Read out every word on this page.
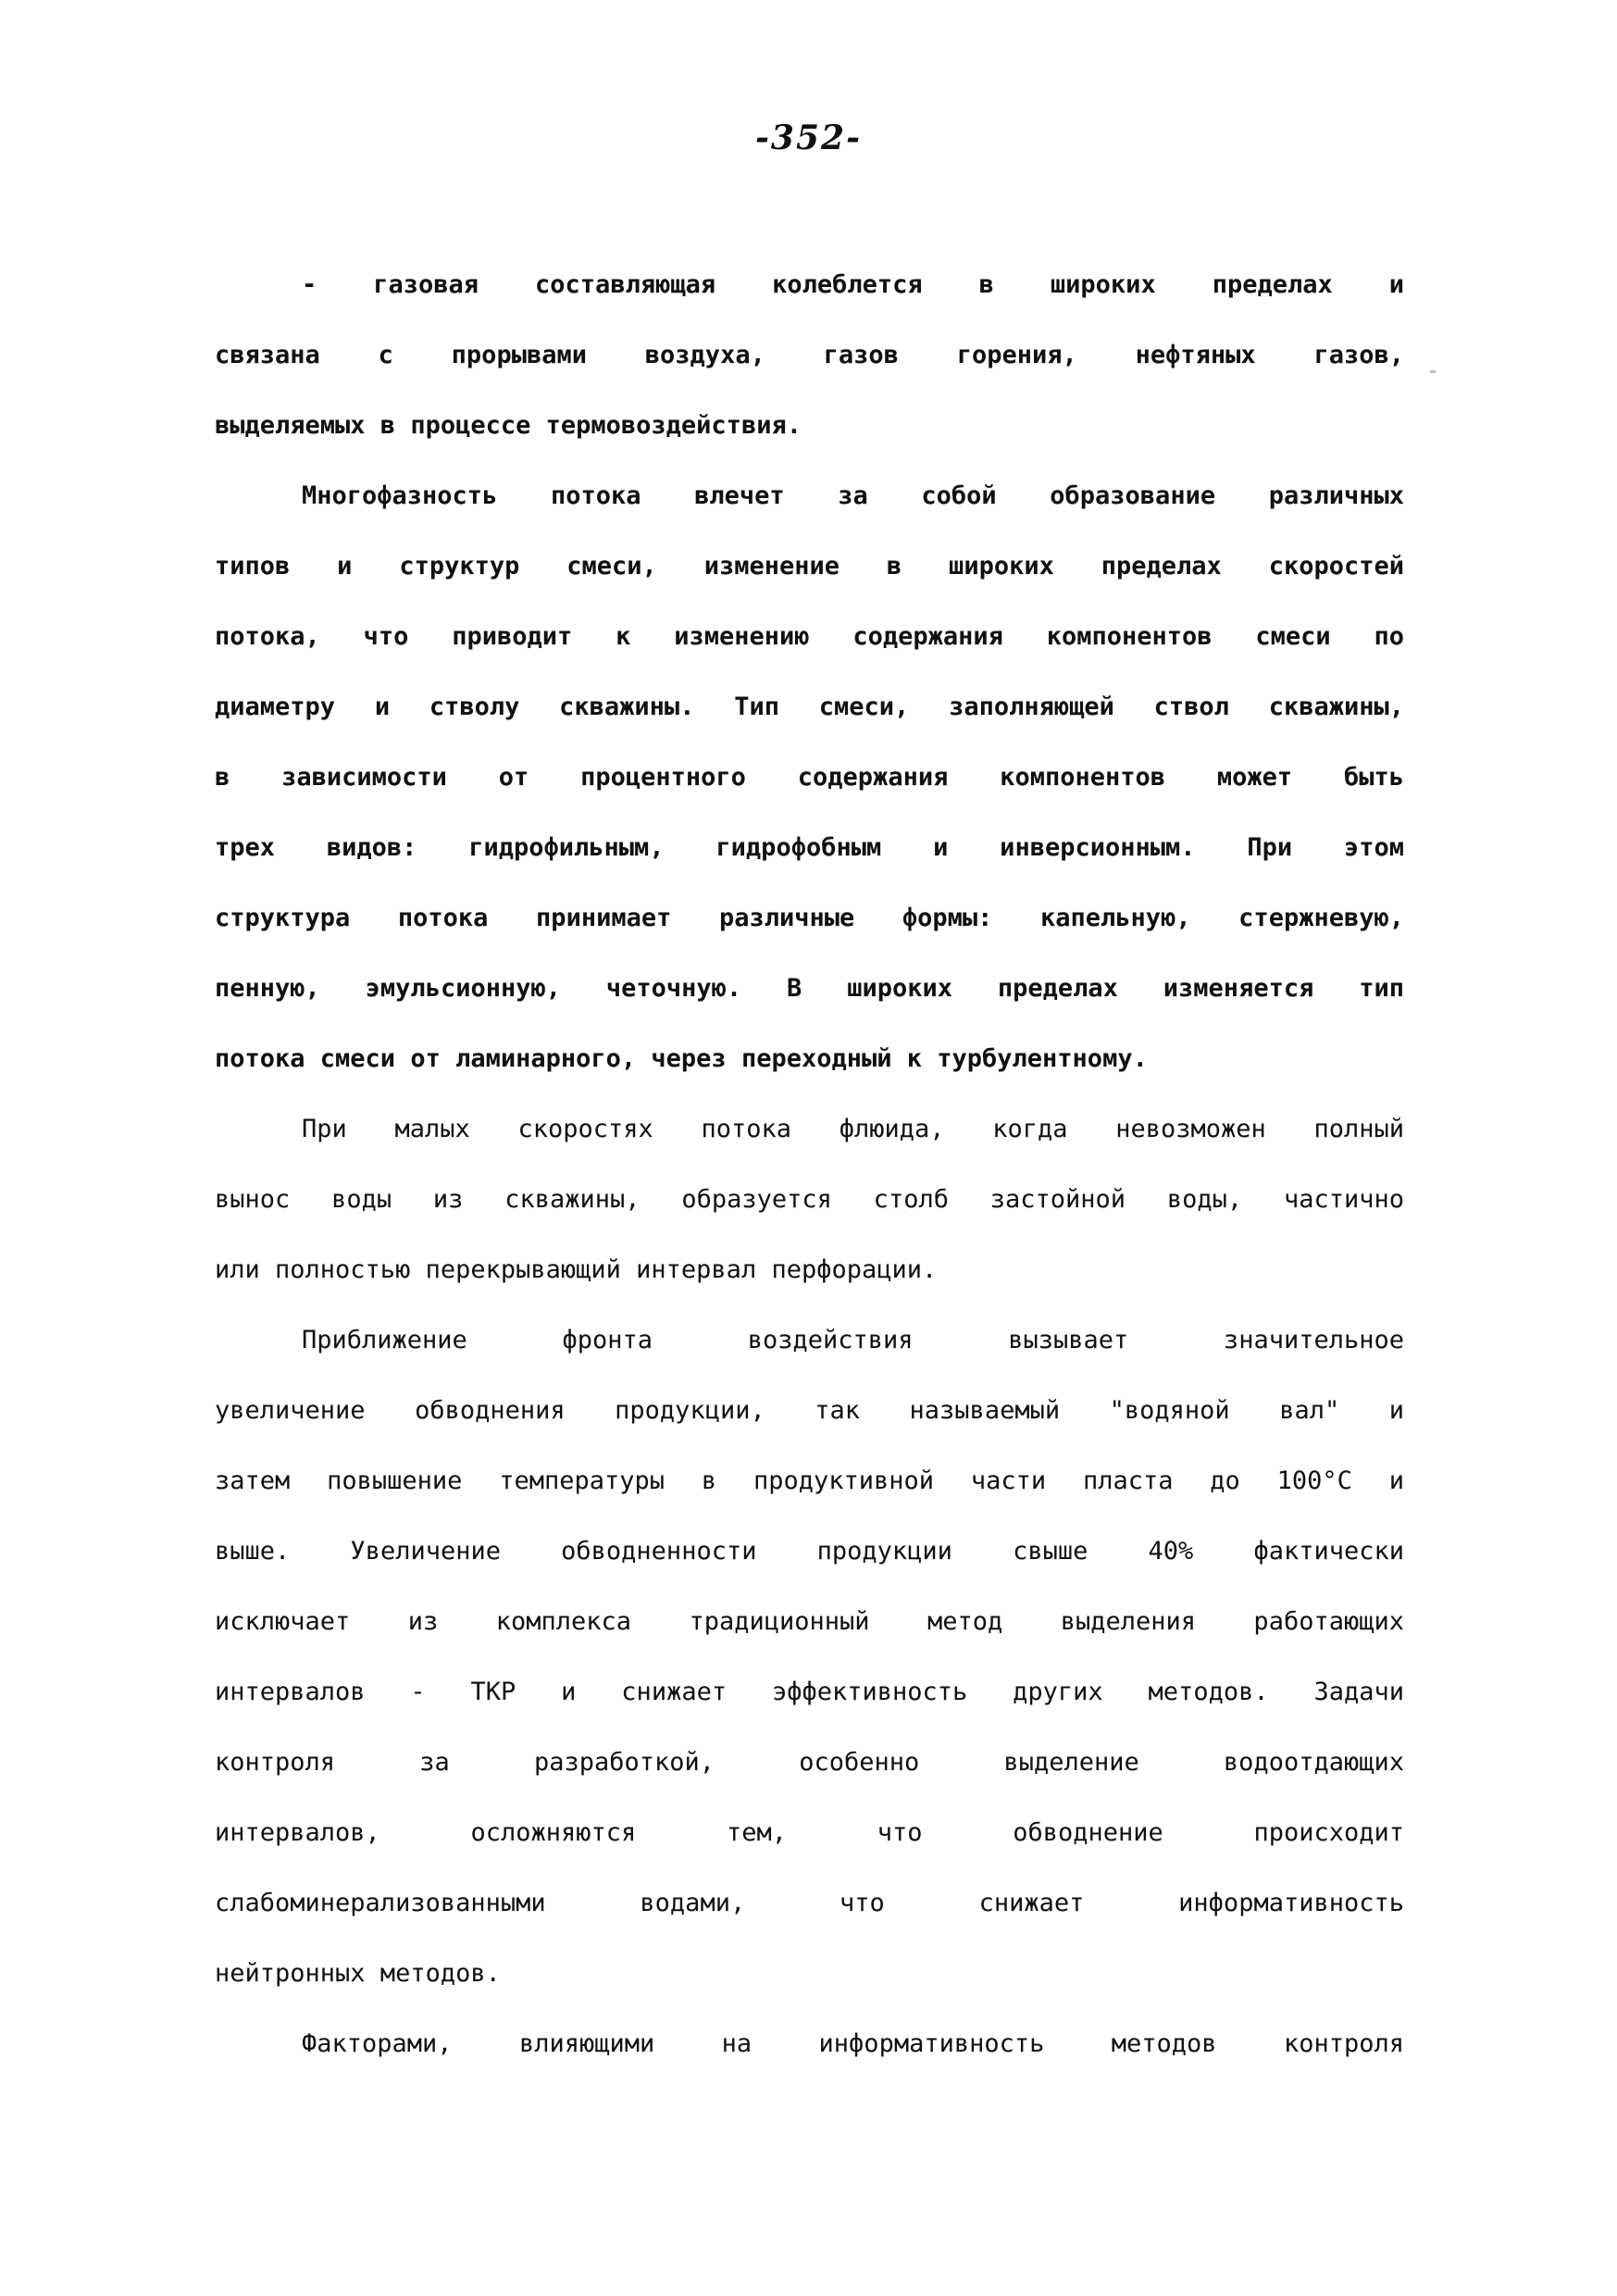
-352-
- газовая составляющая колеблется в широких пределах и
связана с прорывами воздуха, газов горения, нефтяных газов,
выделяемых в процессе термовоздействия.
Многофазность потока влечет за собой образование различных
типов и структур смеси, изменение в широких пределах скоростей
потока, что приводит к изменению содержания компонентов смеси по
диаметру и стволу скважины. Тип смеси, заполняющей ствол скважины,
в зависимости от процентного содержания компонентов может быть
трех видов: гидрофильным, гидрофобным и инверсионным. При этом
структура потока принимает различные формы: капельную, стержневую,
пенную, эмульсионную, четочную. В широких пределах изменяется тип
потока смеси от ламинарного, через переходный к турбулентному.
При малых скоростях потока флюида, когда невозможен полный
вынос воды из скважины, образуется столб застойной воды, частично
или полностью перекрывающий интервал перфорации.
Приближение фронта воздействия вызывает значительное
увеличение обводнения продукции, так называемый "водяной вал" и
затем повышение температуры в продуктивной части пласта до 100°С и
выше. Увеличение обводненности продукции свыше 40% фактически
исключает из комплекса традиционный метод выделения работающих
интервалов - ТКР и снижает эффективность других методов. Задачи
контроля за разработкой, особенно выделение водоотдающих
интервалов, осложняются тем, что обводнение происходит
слабоминерализованными водами, что снижает информативность
нейтронных методов.
Факторами, влияющими на информативность методов контроля
